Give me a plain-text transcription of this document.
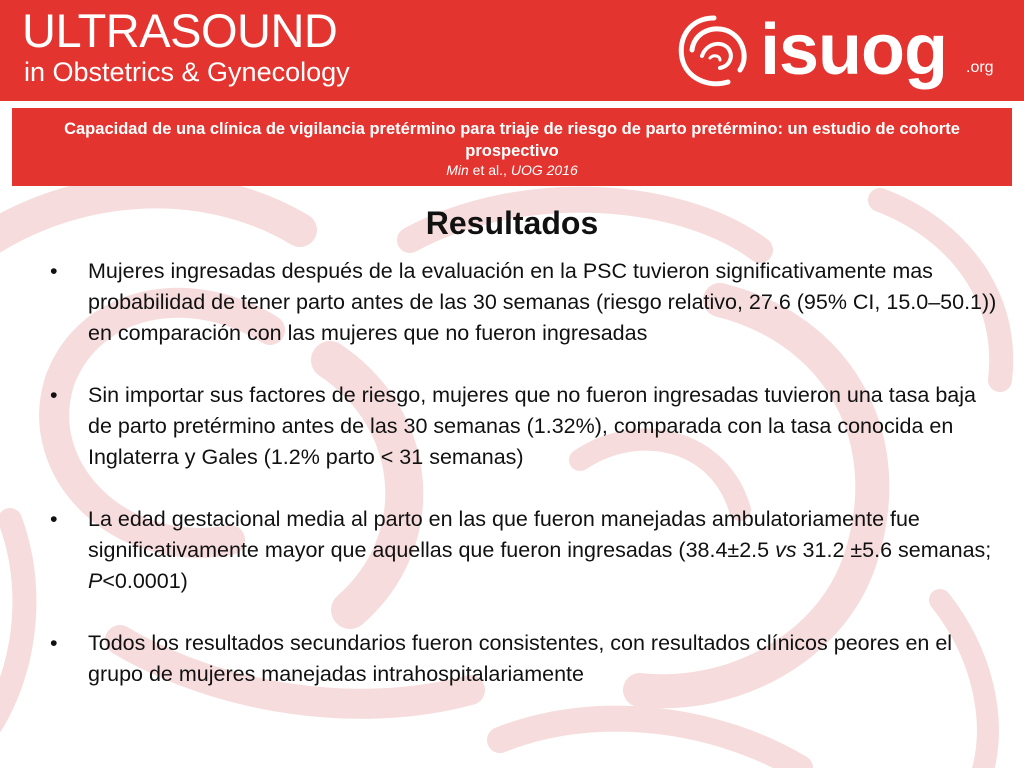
ULTRASOUND
in Obstetrics & Gynecology	isuog .org
Capacidad de una clínica de vigilancia pretérmino para triaje de riesgo de parto pretérmino: un estudio de cohorte prospectivo
Min et al., UOG 2016
Resultados
• Mujeres ingresadas después de la evaluación en la PSC tuvieron significativamente mas probabilidad de tener parto antes de las 30 semanas (riesgo relativo, 27.6 (95% CI, 15.0–50.1)) en comparación con las mujeres que no fueron ingresadas
• Sin importar sus factores de riesgo, mujeres que no fueron ingresadas tuvieron una tasa baja de parto pretérmino antes de las 30 semanas (1.32%), comparada con la tasa conocida en Inglaterra y Gales (1.2% parto < 31 semanas)
• La edad gestacional media al parto en las que fueron manejadas ambulatoriamente fue significativamente mayor que aquellas que fueron ingresadas (38.4±2.5 vs 31.2 ±5.6 semanas; P<0.0001)
• Todos los resultados secundarios fueron consistentes, con resultados clínicos peores en el grupo de mujeres manejadas intrahospitalariamente
